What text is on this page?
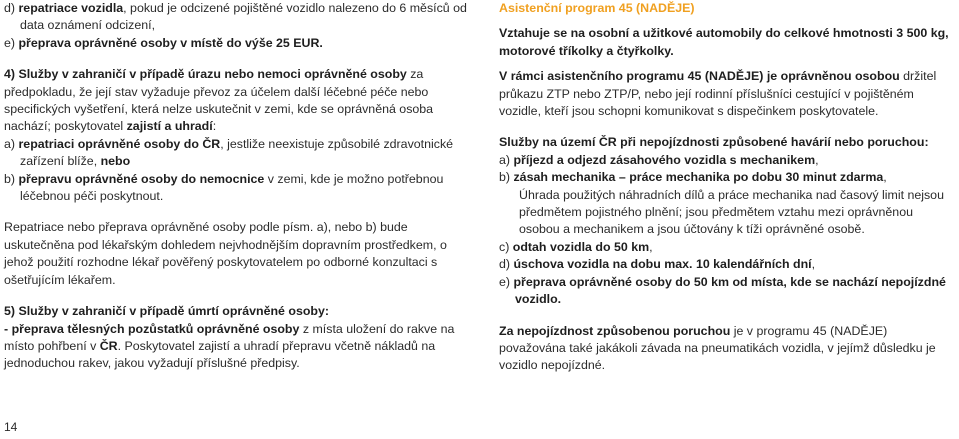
d) repatriace vozidla, pokud je odcizené pojištěné vozidlo nalezeno do 6 měsíců od data oznámení odcizení,

e) přeprava oprávněné osoby v místě do výše 25 EUR.

4) Služby v zahraničí v případě úrazu nebo nemoci oprávněné osoby za předpokladu, že její stav vyžaduje převoz za účelem další léčebné péče nebo specifických vyšetření, která nelze uskutečnit v zemi, kde se oprávněná osoba nachází; poskytovatel zajistí a uhradí:

a) repatriaci oprávněné osoby do ČR, jestliže neexistuje způsobilé zdravotnické zařízení blíže, nebo

b) přepravu oprávněné osoby do nemocnice v zemi, kde je možno potřebnou léčebnou péči poskytnout.

Repatriace nebo přeprava oprávněné osoby podle písm. a), nebo b) bude uskutečněna pod lékařským dohledem nejvhodnějším dopravním prostředkem, o jehož použití rozhodne lékař pověřený poskytovatelem po odborné konzultaci s ošetřujícím lékařem.

5) Služby v zahraničí v případě úmrtí oprávněné osoby:

- přeprava tělesných pozůstatků oprávněné osoby z místa uložení do rakve na místo pohřbení v ČR. Poskytovatel zajistí a uhradí přepravu včetně nákladů na jednoduchou rakev, jakou vyžadují příslušné předpisy.

Asistenční program 45 (NADĚJE)

Vztahuje se na osobní a užitkové automobily do celkové hmotnosti 3 500 kg, motorové tříkolky a čtyřkolky.

V rámci asistenčního programu 45 (NADĚJE) je oprávněnou osobou držitel průkazu ZTP nebo ZTP/P, nebo její rodinní příslušníci cestující v pojištěném vozidle, kteří jsou schopni komunikovat s dispečinkem poskytovatele.

Služby na území ČR při nepojízdnosti způsobené havárií nebo poruchou:

a) příjezd a odjezd zásahového vozidla s mechanikem,

b) zásah mechanika – práce mechanika po dobu 30 minut zdarma,

Úhrada použitých náhradních dílů a práce mechanika nad časový limit nejsou předmětem pojistného plnění; jsou předmětem vztahu mezi oprávněnou osobou a mechanikem a jsou účtovány k tíži oprávněné osobě.

c) odtah vozidla do 50 km,

d) úschova vozidla na dobu max. 10 kalendářních dní,

e) přeprava oprávněné osoby do 50 km od místa, kde se nachází nepojízdné vozidlo.

Za nepojízdnost způsobenou poruchou je v programu 45 (NADĚJE) považována také jakákoli závada na pneumatikách vozidla, v jejímž důsledku je vozidlo nepojízdné.

14
